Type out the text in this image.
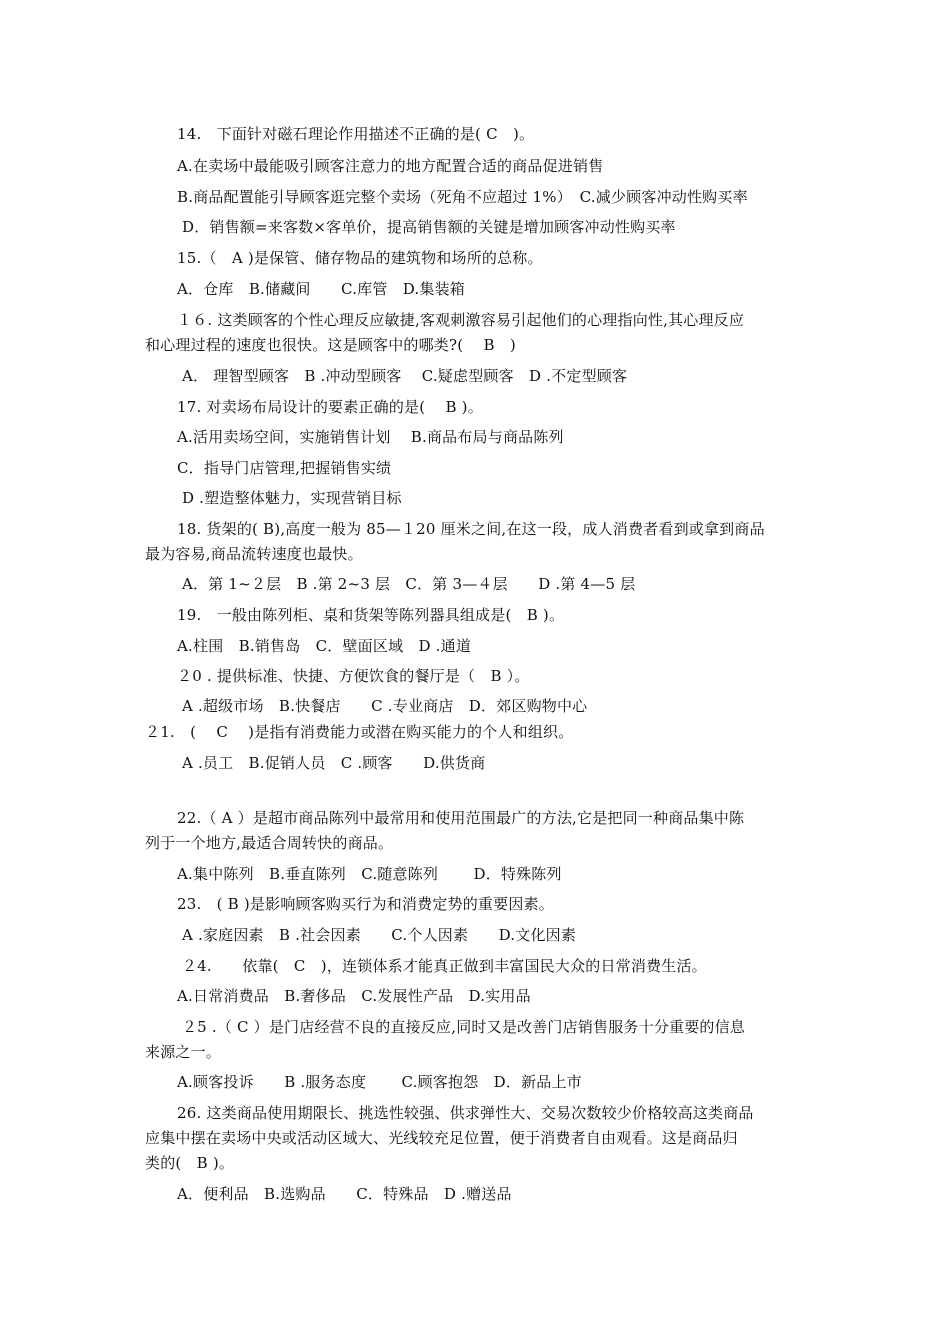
14.　下面针对磁石理论作用描述不正确的是( C　)。
A.在卖场中最能吸引顾客注意力的地方配置合适的商品促进销售
B.商品配置能引导顾客逛完整个卖场（死角不应超过 1%）　C.减少顾客冲动性购买率
D．销售额=来客数×客单价，提高销售额的关键是增加顾客冲动性购买率
15.（　A )是保管、储存物品的建筑物和场所的总称。
A．仓库　B.储藏间　　C.库管　D.集装箱
１６. 这类顾客的个性心理反应敏捷,客观刺激容易引起他们的心理指向性,其心理反应
和心理过程的速度也很快。这是顾客中的哪类?(　 B　)
A． 理智型顾客　B .冲动型顾客　 C.疑虑型顾客　D .不定型顾客
17. 对卖场布局设计的要素正确的是(　 B )。
A.活用卖场空间，实施销售计划　 B.商品布局与商品陈列
C．指导门店管理,把握销售实绩
D .塑造整体魅力，实现营销目标
18. 货架的( B),高度一般为 85—１20 厘米之间,在这一段，成人消费者看到或拿到商品
最为容易,商品流转速度也最快。
A．第 1~２层　B .第 2~3 层　C．第 3—４层　　D .第 4—5 层
19.　一般由陈列柜、桌和货架等陈列器具组成是(　B )。
A.柱围　B.销售岛　C．壁面区域　D .通道
２0 . 提供标准、快捷、方便饮食的餐厅是（　B ）。
A .超级市场　B.快餐店　　C .专业商店　D．郊区购物中心
２1.　(　 C　 )是指有消费能力或潜在购买能力的个人和组织。
A .员工　B.促销人员　C .顾客　　D.供货商
22.（ A ）是超市商品陈列中最常用和使用范围最广的方法,它是把同一种商品集中陈
列于一个地方,最适合周转快的商品。
A.集中陈列　B.垂直陈列　C.随意陈列　　 D．特殊陈列
23.　( B )是影响顾客购买行为和消费定势的重要因素。
A .家庭因素　B .社会因素　　C.个人因素　　D.文化因素
２4.　　依靠(　C　)，连锁体系才能真正做到丰富国民大众的日常消费生活。
A.日常消费品　B.奢侈品　C.发展性产品　D.实用品
２5 .（ C ）是门店经营不良的直接反应,同时又是改善门店销售服务十分重要的信息
来源之一。
A.顾客投诉　　B .服务态度　　 C.顾客抱怨　D．新品上市
26. 这类商品使用期限长、挑选性较强、供求弹性大、交易次数较少价格较高这类商品
应集中摆在卖场中央或活动区域大、光线较充足位置，便于消费者自由观看。这是商品归
类的(　B )。
A．便利品　B.选购品　　C．特殊品　D .赠送品
